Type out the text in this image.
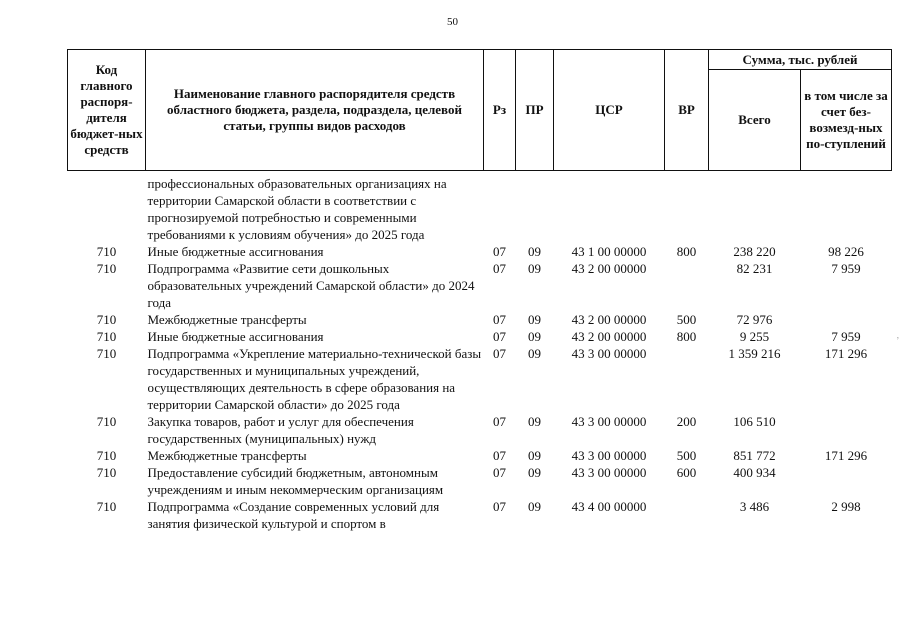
50
Код главного распоря-дителя бюджет-ных средств	Наименование главного распорядителя средств областного бюджета, раздела, подраздела, целевой статьи, группы видов расходов	Рз	ПР	ЦСР	ВР	Сумма, тыс. рублей	
						Всего	в том числе за счет без-возмезд-ных по-ступлений
	профессиональных образовательных организациях на территории Самарской области в соответствии с прогнозируемой потребностью и современными требованиями к условиям обучения» до 2025 года						
710	Иные бюджетные ассигнования	07	09	43 1 00 00000	800	238 220	98 226
710	Подпрограмма «Развитие сети дошкольных образовательных учреждений Самарской области» до 2024 года	07	09	43 2 00 00000		82 231	7 959
710	Межбюджетные трансферты	07	09	43 2 00 00000	500	72 976	
710	Иные бюджетные ассигнования	07	09	43 2 00 00000	800	9 255	7 959
710	Подпрограмма «Укрепление материально-технической базы государственных и муниципальных учреждений, осуществляющих деятельность в сфере образования на территории Самарской области» до 2025 года	07	09	43 3 00 00000		1 359 216	171 296
710	Закупка товаров, работ и услуг для обеспечения государственных (муниципальных) нужд	07	09	43 3 00 00000	200	106 510	
710	Межбюджетные трансферты	07	09	43 3 00 00000	500	851 772	171 296
710	Предоставление субсидий бюджетным, автономным учреждениям и иным некоммерческим организациям	07	09	43 3 00 00000	600	400 934	
710	Подпрограмма «Создание современных условий для занятия физической культурой и спортом в	07	09	43 4 00 00000		3 486	2 998
,
